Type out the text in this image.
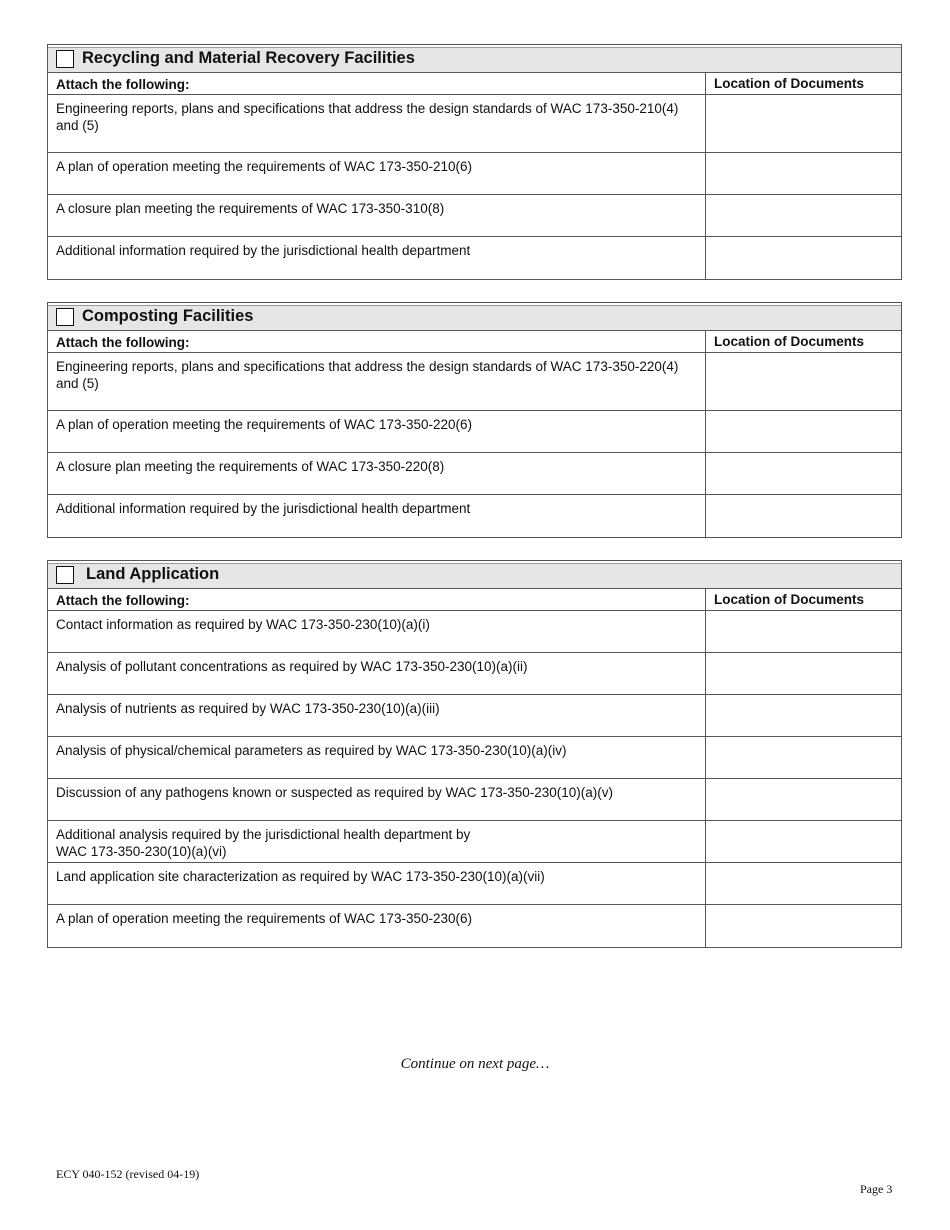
Recycling and Material Recovery Facilities
Attach the following:	Location of Documents
Engineering reports, plans and specifications that address the design standards of WAC 173-350-210(4) and (5)
A plan of operation meeting the requirements of WAC 173-350-210(6)
A closure plan meeting the requirements of WAC 173-350-310(8)
Additional information required by the jurisdictional health department
Composting Facilities
Attach the following:	Location of Documents
Engineering reports, plans and specifications that address the design standards of WAC 173-350-220(4) and (5)
A plan of operation meeting the requirements of WAC 173-350-220(6)
A closure plan meeting the requirements of WAC 173-350-220(8)
Additional information required by the jurisdictional health department
Land Application
Attach the following:	Location of Documents
Contact information as required by WAC 173-350-230(10)(a)(i)
Analysis of pollutant concentrations as required by WAC 173-350-230(10)(a)(ii)
Analysis of nutrients as required by WAC 173-350-230(10)(a)(iii)
Analysis of physical/chemical parameters as required by WAC 173-350-230(10)(a)(iv)
Discussion of any pathogens known or suspected as required by WAC 173-350-230(10)(a)(v)
Additional analysis required by the jurisdictional health department by
WAC 173-350-230(10)(a)(vi)
Land application site characterization as required by WAC 173-350-230(10)(a)(vii)
A plan of operation meeting the requirements of WAC 173-350-230(6)
Continue on next page…
ECY 040-152 (revised 04-19)
Page 3
